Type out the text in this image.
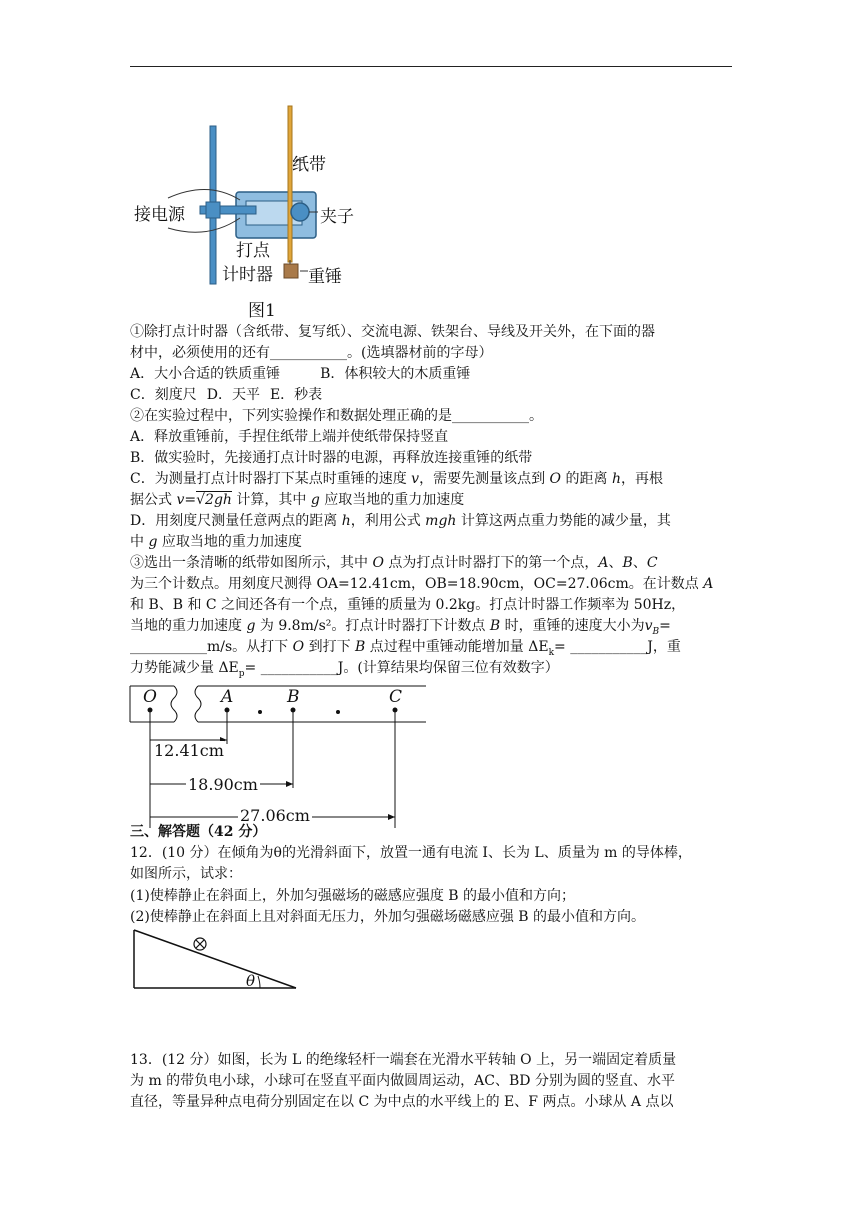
纸带
接电源	夹子
打点
计时器 重锤
图1
①除打点计时器（含纸带、复写纸）、交流电源、铁架台、导线及开关外，在下面的器
材中，必须使用的还有___________。(选填器材前的字母）
A．大小合适的铁质重锤	B．体积较大的木质重锤
C．刻度尺 D．天平 E．秒表
②在实验过程中，下列实验操作和数据处理正确的是___________。
A．释放重锤前，手捏住纸带上端并使纸带保持竖直
B．做实验时，先接通打点计时器的电源，再释放连接重锤的纸带
C．为测量打点计时器打下某点时重锤的速度 v，需要先测量该点到 O 的距离 h，再根
据公式 v=√2gh 计算，其中 g 应取当地的重力加速度
D．用刻度尺测量任意两点的距离 h，利用公式 mgh 计算这两点重力势能的减少量，其
中 g 应取当地的重力加速度
③选出一条清晰的纸带如图所示，其中 O 点为打点计时器打下的第一个点，A、B、C
为三个计数点。用刻度尺测得 OA=12.41cm，OB=18.90cm，OC=27.06cm。在计数点 A
和 B、B 和 C 之间还各有一个点，重锤的质量为 0.2kg。打点计时器工作频率为 50Hz，
当地的重力加速度 g 为 9.8m/s²。打点计时器打下计数点 B 时，重锤的速度大小为$v_B=$
___________m/s。从打下 O 到打下 B 点过程中重锤动能增加量 $\Delta E_k=$ ___________J，重
力势能减少量 $\Delta E_p=$ ___________J。(计算结果均保留三位有效数字）
O	A	B	C
12.41cm
18.90cm
27.06cm
三、解答题（42 分）
12．(10 分）在倾角为θ的光滑斜面下，放置一通有电流 I、长为 L、质量为 m 的导体棒，
如图所示，试求：
(1)使棒静止在斜面上，外加匀强磁场的磁感应强度 B 的最小值和方向；
(2)使棒静止在斜面上且对斜面无压力，外加匀强磁场磁感应强 B 的最小值和方向。
θ
13．(12 分）如图，长为 L 的绝缘轻杆一端套在光滑水平转轴 O 上，另一端固定着质量
为 m 的带负电小球，小球可在竖直平面内做圆周运动，AC、BD 分别为圆的竖直、水平
直径，等量异种点电荷分别固定在以 C 为中点的水平线上的 E、F 两点。小球从 A 点以
